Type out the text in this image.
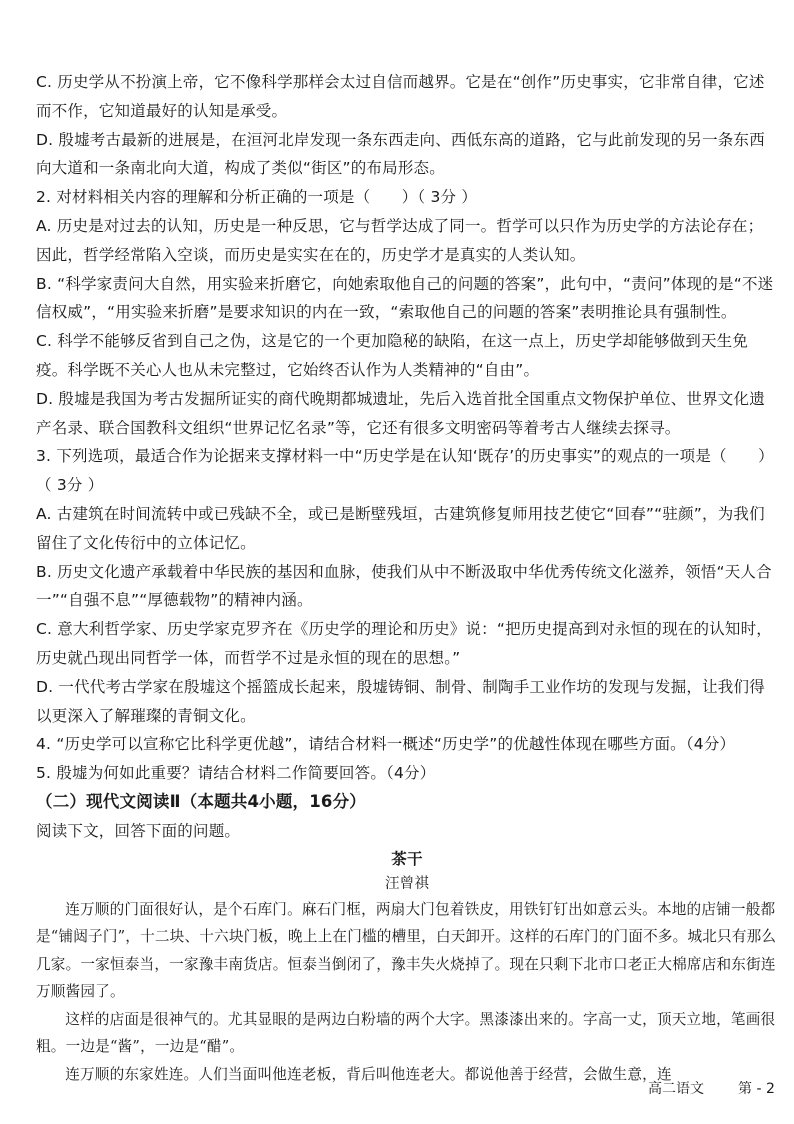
C. 历史学从不扮演上帝，它不像科学那样会太过自信而越界。它是在“创作”历史事实，它非常自律，它述而不作，它知道最好的认知是承受。

D. 殷墟考古最新的进展是，在洹河北岸发现一条东西走向、西低东高的道路，它与此前发现的另一条东西向大道和一条南北向大道，构成了类似“街区”的布局形态。

2. 对材料相关内容的理解和分析正确的一项是（　　）（ 3分 ）

A. 历史是对过去的认知，历史是一种反思，它与哲学达成了同一。哲学可以只作为历史学的方法论存在；因此，哲学经常陷入空谈，而历史是实实在在的，历史学才是真实的人类认知。

B. “科学家责问大自然，用实验来折磨它，向她索取他自己的问题的答案”，此句中，“责问”体现的是“不迷信权威”，“用实验来折磨”是要求知识的内在一致，“索取他自己的问题的答案”表明推论具有强制性。

C. 科学不能够反省到自己之伪，这是它的一个更加隐秘的缺陷，在这一点上，历史学却能够做到天生免疫。科学既不关心人也从未完整过，它始终否认作为人类精神的“自由”。

D. 殷墟是我国为考古发掘所证实的商代晚期都城遗址，先后入选首批全国重点文物保护单位、世界文化遗产名录、联合国教科文组织“世界记忆名录”等，它还有很多文明密码等着考古人继续去探寻。

3. 下列选项，最适合作为论据来支撑材料一中“历史学是在认知‘既存’的历史事实”的观点的一项是（　　）（ 3分 ）

A. 古建筑在时间流转中或已残缺不全，或已是断壁残垣，古建筑修复师用技艺使它“回春”“驻颜”，为我们留住了文化传衍中的立体记忆。

B. 历史文化遗产承载着中华民族的基因和血脉，使我们从中不断汲取中华优秀传统文化滋养，领悟“天人合一”“自强不息”“厚德载物”的精神内涵。

C. 意大利哲学家、历史学家克罗齐在《历史学的理论和历史》说：“把历史提高到对永恒的现在的认知时，历史就凸现出同哲学一体，而哲学不过是永恒的现在的思想。”

D. 一代代考古学家在殷墟这个摇篮成长起来，殷墟铸铜、制骨、制陶手工业作坊的发现与发掘，让我们得以更深入了解璀璨的青铜文化。

4. “历史学可以宣称它比科学更优越”，请结合材料一概述“历史学”的优越性体现在哪些方面。（4分）

5. 殷墟为何如此重要？请结合材料二作简要回答。（4分）

（二）现代文阅读Ⅱ（本题共4小题，16分）

阅读下文，回答下面的问题。

茶干

汪曾祺

连万顺的门面很好认，是个石库门。麻石门框，两扇大门包着铁皮，用铁钉钉出如意云头。本地的店铺一般都是“铺闼子门”，十二块、十六块门板，晚上上在门槛的槽里，白天卸开。这样的石库门的门面不多。城北只有那么几家。一家恒泰当，一家豫丰南货店。恒泰当倒闭了，豫丰失火烧掉了。现在只剩下北市口老正大棉席店和东街连万顺酱园了。

这样的店面是很神气的。尤其显眼的是两边白粉墙的两个大字。黑漆漆出来的。字高一丈，顶天立地，笔画很粗。一边是“酱”，一边是“醋”。

连万顺的东家姓连。人们当面叫他连老板，背后叫他连老大。都说他善于经营，会做生意，连

高二语文 第 - 2
